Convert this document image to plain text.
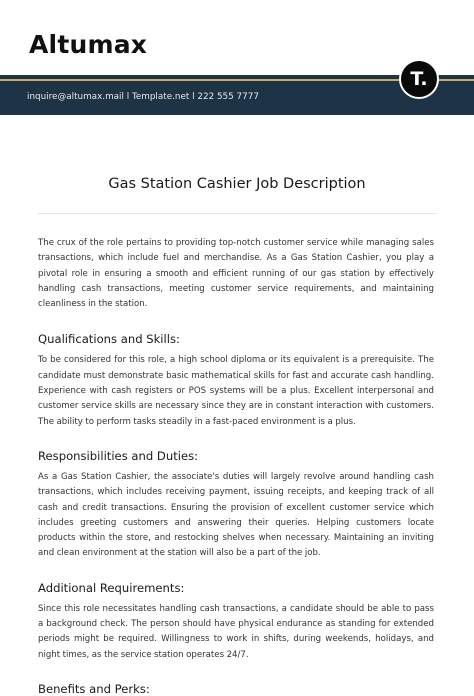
Altumax

inquire@altumax.mail l Template.net l 222 555 7777

T.
Gas Station Cashier Job Description

The crux of the role pertains to providing top-notch customer service while managing sales transactions, which include fuel and merchandise. As a Gas Station Cashier, you play a pivotal role in ensuring a smooth and efficient running of our gas station by effectively handling cash transactions, meeting customer service requirements, and maintaining cleanliness in the station.

Qualifications and Skills:

To be considered for this role, a high school diploma or its equivalent is a prerequisite. The candidate must demonstrate basic mathematical skills for fast and accurate cash handling. Experience with cash registers or POS systems will be a plus. Excellent interpersonal and customer service skills are necessary since they are in constant interaction with customers. The ability to perform tasks steadily in a fast-paced environment is a plus.

Responsibilities and Duties:

As a Gas Station Cashier, the associate's duties will largely revolve around handling cash transactions, which includes receiving payment, issuing receipts, and keeping track of all cash and credit transactions. Ensuring the provision of excellent customer service which includes greeting customers and answering their queries. Helping customers locate products within the store, and restocking shelves when necessary. Maintaining an inviting and clean environment at the station will also be a part of the job.

Additional Requirements:

Since this role necessitates handling cash transactions, a candidate should be able to pass a background check. The person should have physical endurance as standing for extended periods might be required. Willingness to work in shifts, during weekends, holidays, and night times, as the service station operates 24/7.

Benefits and Perks:
